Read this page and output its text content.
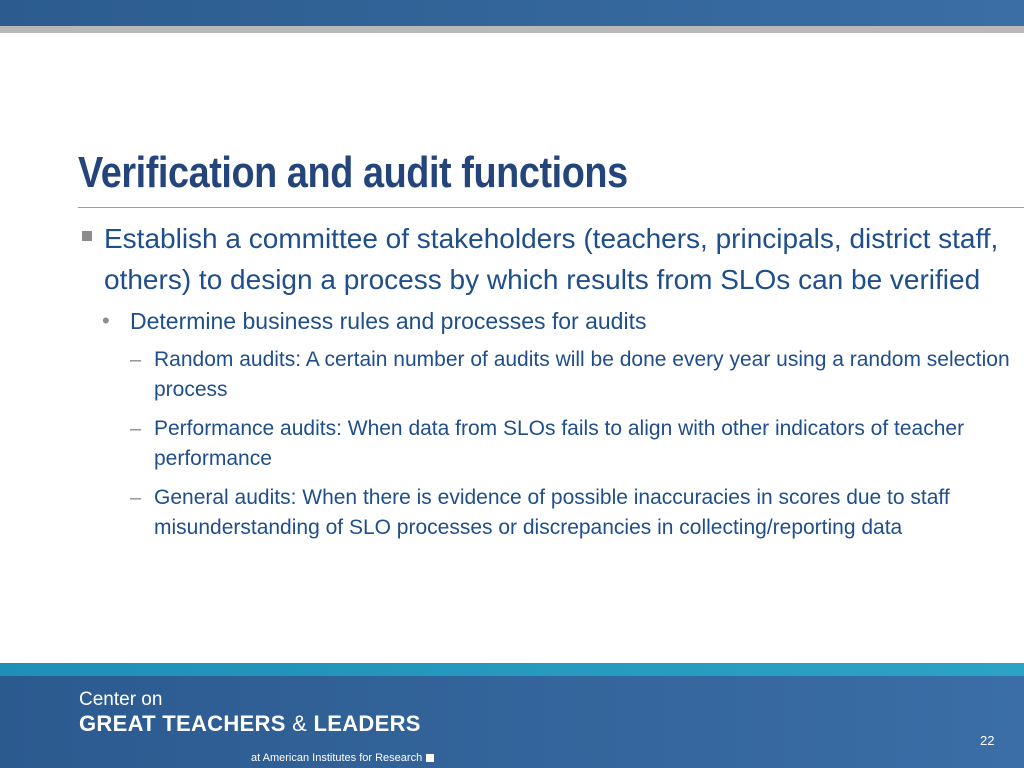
Verification and audit functions

Establish a committee of stakeholders (teachers, principals, district staff, others) to design a process by which results from SLOs can be verified

• Determine business rules and processes for audits

– Random audits: A certain number of audits will be done every year using a random selection process

– Performance audits: When data from SLOs fails to align with other indicators of teacher performance

– General audits: When there is evidence of possible inaccuracies in scores due to staff misunderstanding of SLO processes or discrepancies in collecting/reporting data

Center on
GREAT TEACHERS & LEADERS
at American Institutes for Research
22
